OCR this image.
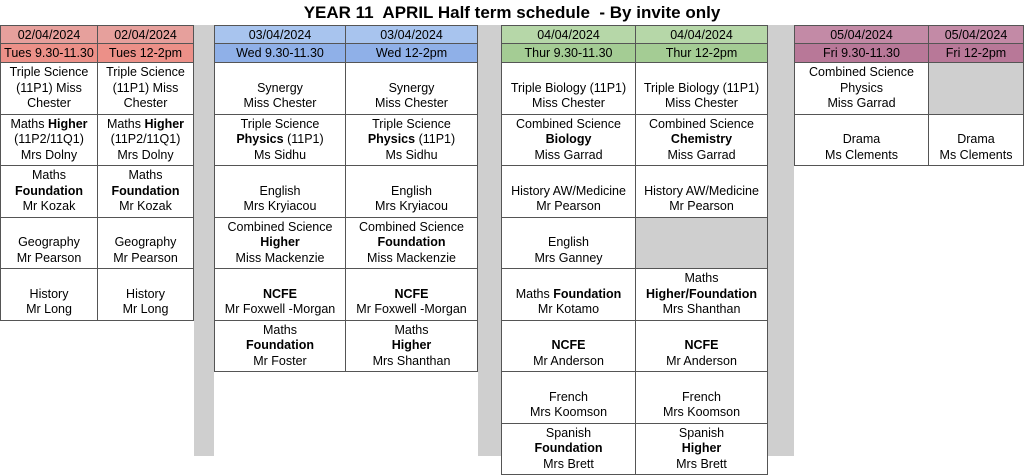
YEAR 11  APRIL Half term schedule  - By invite only
02/04/2024
Tues 9.30-11.30
Triple Science
(11P1) Miss
Chester
Maths Higher
(11P2/11Q1)
Mrs Dolny
Maths
Foundation
Mr Kozak
Geography
Mr Pearson
History
Mr Long
02/04/2024
Tues 12-2pm
Triple Science
(11P1) Miss
Chester
Maths Higher
(11P2/11Q1)
Mrs Dolny
Maths
Foundation
Mr Kozak
Geography
Mr Pearson
History
Mr Long
03/04/2024
Wed 9.30-11.30
Synergy
Miss Chester
Triple Science
Physics (11P1)
Ms Sidhu
English
Mrs Kryiacou
Combined Science
Higher
Miss Mackenzie
NCFE
Mr Foxwell -Morgan
Maths
Foundation
Mr Foster
03/04/2024
Wed 12-2pm
Synergy
Miss Chester
Triple Science
Physics (11P1)
Ms Sidhu
English
Mrs Kryiacou
Combined Science
Foundation
Miss Mackenzie
NCFE
Mr Foxwell -Morgan
Maths
Higher
Mrs Shanthan
04/04/2024
Thur 9.30-11.30
Triple Biology (11P1)
Miss Chester
Combined Science
Biology
Miss Garrad
History AW/Medicine
Mr Pearson
English
Mrs Ganney
Maths Foundation
Mr Kotamo
NCFE
Mr Anderson
French
Mrs Koomson
Spanish
Foundation
Mrs Brett
04/04/2024
Thur 12-2pm
Triple Biology (11P1)
Miss Chester
Combined Science
Chemistry
Miss Garrad
History AW/Medicine
Mr Pearson
Maths
Higher/Foundation
Mrs Shanthan
NCFE
Mr Anderson
French
Mrs Koomson
Spanish
Higher
Mrs Brett
05/04/2024
Fri 9.30-11.30
Combined Science
Physics
Miss Garrad
Drama
Ms Clements
05/04/2024
Fri 12-2pm
Drama
Ms Clements
